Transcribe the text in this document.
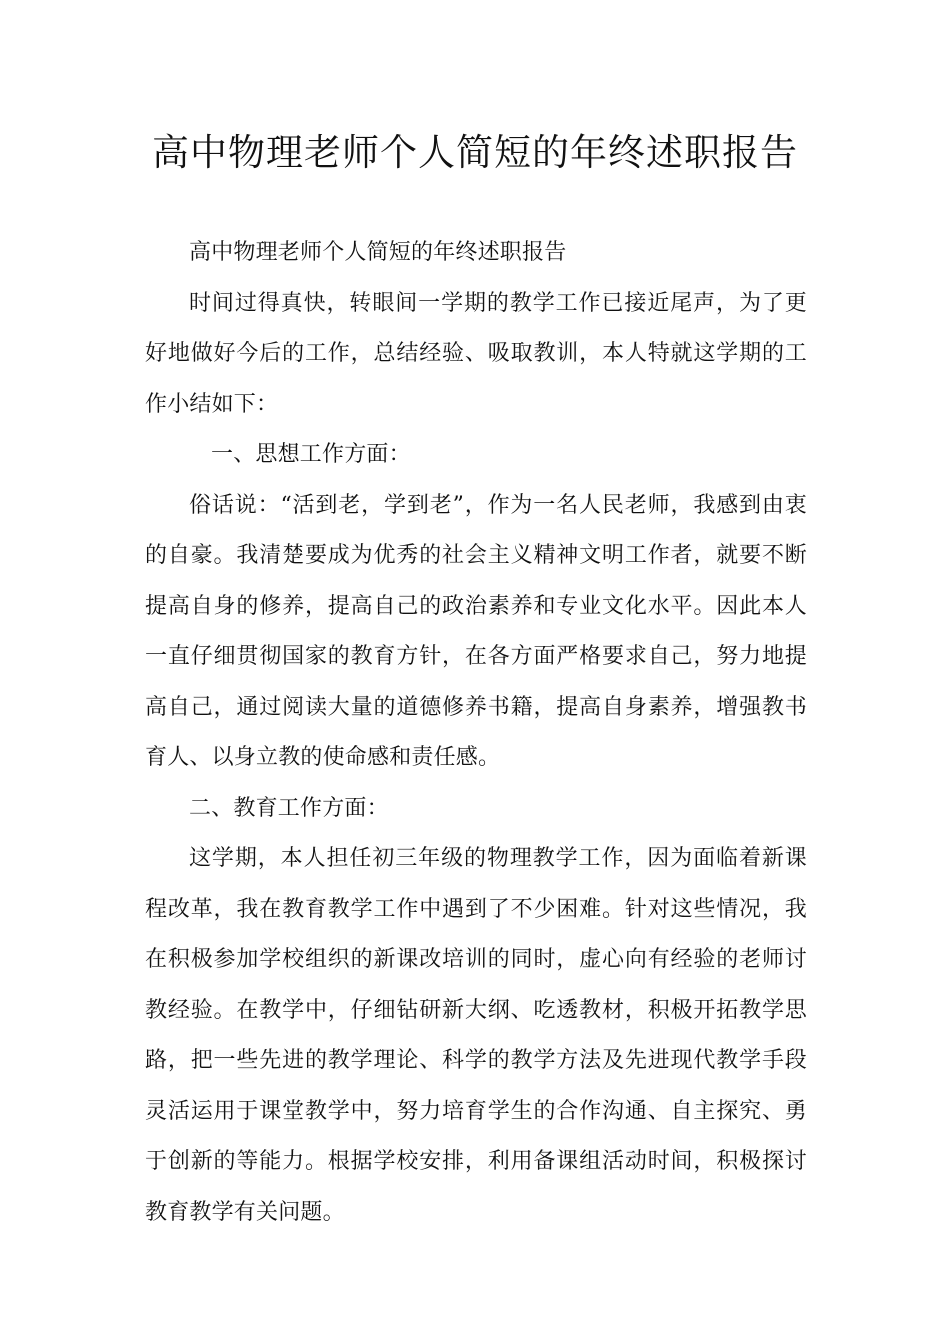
高中物理老师个人简短的年终述职报告

高中物理老师个人简短的年终述职报告

时间过得真快，转眼间一学期的教学工作已接近尾声，为了更好地做好今后的工作，总结经验、吸取教训，本人特就这学期的工作小结如下：

一、思想工作方面：

俗话说：“活到老，学到老”，作为一名人民老师，我感到由衷的自豪。我清楚要成为优秀的社会主义精神文明工作者，就要不断提高自身的修养，提高自己的政治素养和专业文化水平。因此本人一直仔细贯彻国家的教育方针，在各方面严格要求自己，努力地提高自己，通过阅读大量的道德修养书籍，提高自身素养，增强教书育人、以身立教的使命感和责任感。

二、教育工作方面：

这学期，本人担任初三年级的物理教学工作，因为面临着新课程改革，我在教育教学工作中遇到了不少困难。针对这些情况，我在积极参加学校组织的新课改培训的同时，虚心向有经验的老师讨教经验。在教学中，仔细钻研新大纲、吃透教材，积极开拓教学思路，把一些先进的教学理论、科学的教学方法及先进现代教学手段灵活运用于课堂教学中，努力培育学生的合作沟通、自主探究、勇于创新的等能力。根据学校安排，利用备课组活动时间，积极探讨教育教学有关问题。
